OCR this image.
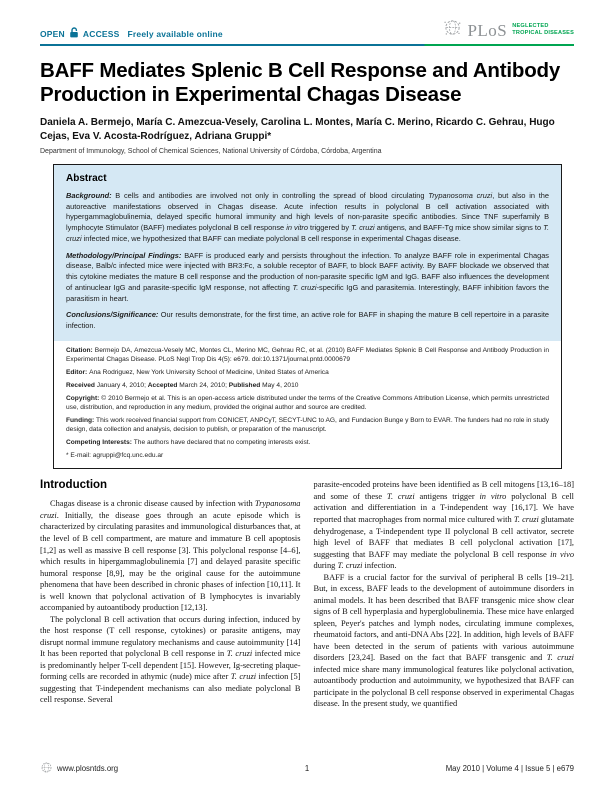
OPEN ACCESS Freely available online	PLoS NEGLECTED
TROPICAL DISEASES
BAFF Mediates Splenic B Cell Response and Antibody Production in Experimental Chagas Disease
Daniela A. Bermejo, María C. Amezcua-Vesely, Carolina L. Montes, María C. Merino, Ricardo C. Gehrau, Hugo Cejas, Eva V. Acosta-Rodríguez, Adriana Gruppi*
Department of Immunology, School of Chemical Sciences, National University of Córdoba, Córdoba, Argentina
Abstract

Background: B cells and antibodies are involved not only in controlling the spread of blood circulating Trypanosoma cruzi, but also in the autoreactive manifestations observed in Chagas disease. Acute infection results in polyclonal B cell activation associated with hypergammaglobulinemia, delayed specific humoral immunity and high levels of non-parasite specific antibodies. Since TNF superfamily B lymphocyte Stimulator (BAFF) mediates polyclonal B cell response in vitro triggered by T. cruzi antigens, and BAFF-Tg mice show similar signs to T. cruzi infected mice, we hypothesized that BAFF can mediate polyclonal B cell response in experimental Chagas disease.

Methodology/Principal Findings: BAFF is produced early and persists throughout the infection. To analyze BAFF role in experimental Chagas disease, Balb/c infected mice were injected with BR3:Fc, a soluble receptor of BAFF, to block BAFF activity. By BAFF blockade we observed that this cytokine mediates the mature B cell response and the production of non-parasite specific IgM and IgG. BAFF also influences the development of antinuclear IgG and parasite-specific IgM response, not affecting T. cruzi-specific IgG and parasitemia. Interestingly, BAFF inhibition favors the parasitism in heart.

Conclusions/Significance: Our results demonstrate, for the first time, an active role for BAFF in shaping the mature B cell repertoire in a parasite infection.

Citation: Bermejo DA, Amezcua-Vesely MC, Montes CL, Merino MC, Gehrau RC, et al. (2010) BAFF Mediates Splenic B Cell Response and Antibody Production in Experimental Chagas Disease. PLoS Negl Trop Dis 4(5): e679. doi:10.1371/journal.pntd.0000679

Editor: Ana Rodriguez, New York University School of Medicine, United States of America

Received January 4, 2010; Accepted March 24, 2010; Published May 4, 2010

Copyright: © 2010 Bermejo et al. This is an open-access article distributed under the terms of the Creative Commons Attribution License, which permits unrestricted use, distribution, and reproduction in any medium, provided the original author and source are credited.

Funding: This work received financial support from CONICET, ANPCyT, SECYT-UNC to AG, and Fundacion Bunge y Born to EVAR. The funders had no role in study design, data collection and analysis, decision to publish, or preparation of the manuscript.

Competing Interests: The authors have declared that no competing interests exist.

* E-mail: agruppi@fcq.unc.edu.ar

Introduction

Chagas disease is a chronic disease caused by infection with Trypanosoma cruzi. Initially, the disease goes through an acute episode which is characterized by circulating parasites and immunological disturbances that, at the level of B cell compartment, are mature and immature B cell apoptosis [1,2] as well as massive B cell response [3]. This polyclonal response [4–6], which results in hipergammaglobulinemia [7] and delayed parasite specific humoral response [8,9], may be the original cause for the autoimmune phenomena that have been described in chronic phases of infection [10,11]. It is well known that polyclonal activation of B lymphocytes is invariably accompanied by autoantibody production [12,13].

The polyclonal B cell activation that occurs during infection, induced by the host response (T cell response, cytokines) or parasite antigens, may disrupt normal immune regulatory mechanisms and cause autoimmunity [14] It has been reported that polyclonal B cell response in T. cruzi infected mice is predominantly helper T-cell dependent [15]. However, Ig-secreting plaque-forming cells are recorded in athymic (nude) mice after T. cruzi infection [5] suggesting that T-independent mechanisms can also mediate polyclonal B cell response. Several

parasite-encoded proteins have been identified as B cell mitogens [13,16–18] and some of these T. cruzi antigens trigger in vitro polyclonal B cell activation and differentiation in a T-independent way [16,17]. We have reported that macrophages from normal mice cultured with T. cruzi glutamate dehydrogenase, a T-independent type II polyclonal B cell activator, secrete high level of BAFF that mediates B cell polyclonal activation [17], suggesting that BAFF may mediate the polyclonal B cell response in vivo during T. cruzi infection.

BAFF is a crucial factor for the survival of peripheral B cells [19–21]. But, in excess, BAFF leads to the development of autoimmune disorders in animal models. It has been described that BAFF transgenic mice show clear signs of B cell hyperplasia and hyperglobulinemia. These mice have enlarged spleen, Peyer's patches and lymph nodes, circulating immune complexes, rheumatoid factors, and anti-DNA Abs [22]. In addition, high levels of BAFF have been detected in the serum of patients with various autoimmune disorders [23,24]. Based on the fact that BAFF transgenic and T. cruzi infected mice share many immunological features like polyclonal activation, autoantibody production and autoimmunity, we hypothesized that BAFF can participate in the polyclonal B cell response observed in experimental Chagas disease. In the present study, we quantified

www.plosntds.org	1	May 2010 | Volume 4 | Issue 5 | e679
